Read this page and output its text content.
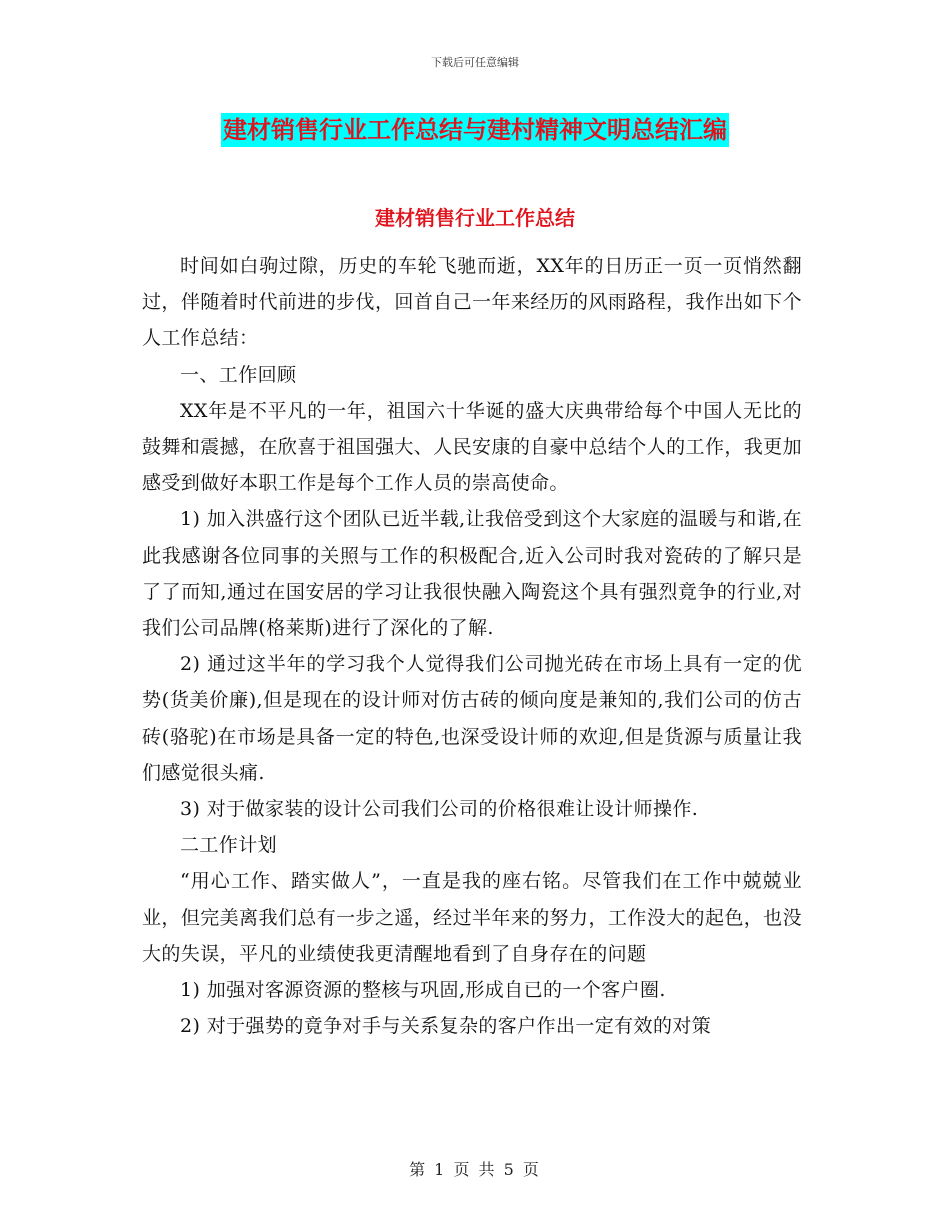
下载后可任意编辑
建材销售行业工作总结与建村精神文明总结汇编
建材销售行业工作总结

时间如白驹过隙，历史的车轮飞驰而逝，XX年的日历正一页一页悄然翻过，伴随着时代前进的步伐，回首自己一年来经历的风雨路程，我作出如下个人工作总结：

一、工作回顾

XX年是不平凡的一年，祖国六十华诞的盛大庆典带给每个中国人无比的鼓舞和震撼，在欣喜于祖国强大、人民安康的自豪中总结个人的工作，我更加感受到做好本职工作是每个工作人员的崇高使命。

1) 加入洪盛行这个团队已近半载,让我倍受到这个大家庭的温暖与和谐,在此我感谢各位同事的关照与工作的积极配合,近入公司时我对瓷砖的了解只是了了而知,通过在国安居的学习让我很快融入陶瓷这个具有强烈竟争的行业,对我们公司品牌(格莱斯)进行了深化的了解.

2) 通过这半年的学习我个人觉得我们公司抛光砖在市场上具有一定的优势(货美价廉),但是现在的设计师对仿古砖的倾向度是兼知的,我们公司的仿古砖(骆驼)在市场是具备一定的特色,也深受设计师的欢迎,但是货源与质量让我们感觉很头痛.

3) 对于做家装的设计公司我们公司的价格很难让设计师操作.

二工作计划

“用心工作、踏实做人”，一直是我的座右铭。尽管我们在工作中兢兢业业，但完美离我们总有一步之遥，经过半年来的努力，工作没大的起色，也没大的失误，平凡的业绩使我更清醒地看到了自身存在的问题

1) 加强对客源资源的整核与巩固,形成自已的一个客户圈.

2) 对于强势的竟争对手与关系复杂的客户作出一定有效的对策

第 1 页 共 5 页
